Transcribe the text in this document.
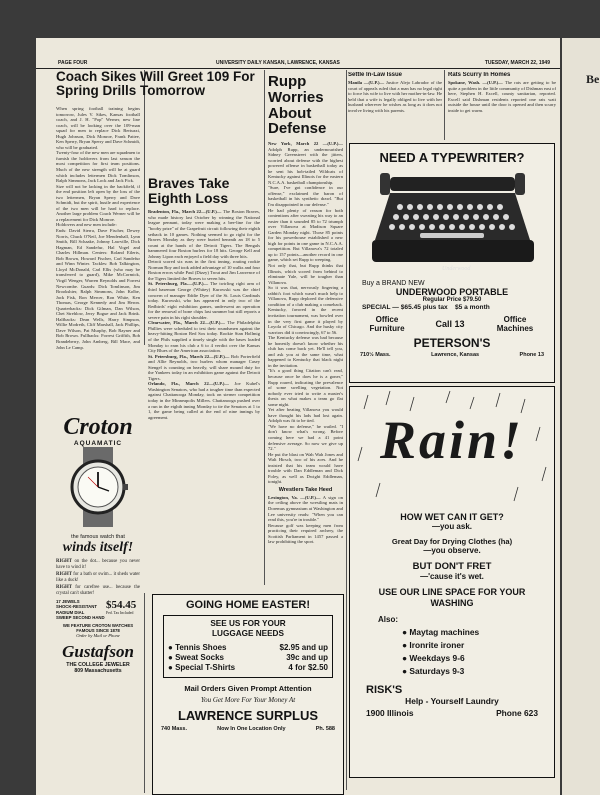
PAGE FOUR	UNIVERSITY DAILY KANSAN, LAWRENCE, KANSAS	TUESDAY, MARCH 22, 1949
Coach Sikes Will Greet 109 For Spring Drills Tomorrow

When spring football training begins tomorrow, Jules V. Sikes, Kansas football coach, and J. H. "Pop" Werner, new line coach, will be looking over the 109-man squad for men to replace Dick Bertuzzi, Hugh Johnson, Dick Monroe, Frank Pattee, Ken Sperry, Bryan Sperry and Dave Schmidt, who will be graduated.

Twenty-four of the new men are squadmen to furnish the holdovers from last season the most competition for first team positions. Much of the new strength will be at guard which includes lettermen Dick Tomlinson, Ralph Simmons, Jack Lock and Jack Fick.

Size will not be lacking in the backfield, if the end position left open by the loss of the two lettermen, Bryan Sperry and Dave Schmidt, but the spirit, hustle and experience of the two men will be hard to replace. Another large problem Coach Werner will be a replacement for Dick Monroe.

Holdovers and new men include:

Ends: David Sierra, Dave Fischer, Dewey Norris, Chuck O'Neil, Joe Mendenhall, Lynn Smith, Bill Schaake, Johnny Lawville, Dick Hagman, Ed Sandefur, Hal Vogel and Charles Hillman. Centers: Roland Eilerts, Bob Brown, Howard Fischer, Carl Sandefur and Winn Winter. Tackles: Bob Talkington, Lloyd McDonald, Carl Ellis (who may be transferred to guard), Mike McCormick, Virgil Wenger, Warren Reynolds and Forrest Newcombe. Guards: Dick Tomlinson, Jim Brookshier, Ralph Simmons, John Kolbe, Jack Fisk, Ron Mercer, Ron White, Ken Thomas, George Kennedy and Jim Heron. Quarterbacks: Dick Gilman, Dan Wilson, Chet Strehlow, Jerry Bogue and Jack Brink. Halfbacks: Dean Wells, Harry Simpson, Willie Modreth, Cliff Marshall, Jack Phillips, Dave Wilson, Pat Murphy, Bob Rayner and Bob Brown. Fullbacks: Forrest Griffith, Bob Brandeberry, John Amberg, Bill Mace, and John Le Camp.

Croton
AQUAMATIC
the famous watch that
winds itself!
RIGHT on the dot... because you never have to wind it!
RIGHT for a bath or swim... it sheds water like a duck!
RIGHT for carefree use... because the crystal can't shatter!
17 JEWELS
SHOCK-RESISTANT
RADIUM DIAL
SWEEP SECOND HAND
$54.45
Fed. Tax Included
WE FEATURE CROTON WATCHES FAMOUS SINCE 1878
Order by Mail or Phone
Gustafson
THE COLLEGE JEWELER
809 Massachusetts
Braves Take Eighth Loss

Bradenton, Fla., March 22—(U.P.)— The Boston Braves, who made history last October by winning the National league pennant, today were making a bee-line for the "booby prize" of the Grapefruit circuit following their eighth setback in 10 games. Nothing seemed to go right for the Braves Monday as they were buried beneath an 18 to 5 count at the hands of the Detroit Tigers. The Bengals hammered four Boston hurlers for 18 hits. George Kell and Johnny Lipon each enjoyed a field day with three hits.

Detroit scored six runs in the first inning, routing rookie Norman Roy and took added advantage of 10 walks and four Boston errors while Paul (Dizzy) Trout and Jim Lawrence of the Tigers limited the Braves to seven hits.

St. Petersburg, Fla.—(U.P.)— The twirling right arm of third baseman George (Whitey) Kurowski was the chief concern of manager Eddie Dyer of the St. Louis Cardinals today. Kurowski, who has appeared in only two of the Redbirds' eight exhibition games, underwent an operation for the removal of bone chips last summer but still reports a severe pain in his right shoulder.

Clearwater, Fla., March 22—(U.P.)— The Philadelphia Phillies were scheduled to test their roundsmen against the heavy-hitting Boston Red Sox today. Rookie Stan Hollmig of the Phils supplied a timely single with the bases loaded Monday to earn his club a 6 to 4 verdict over the Kansas City Blues of the American association.

St. Petersburg, Fla., March 22—(U.P.)— Bob Porterfield and Allie Reynolds, two hurlers whom manager Casey Stengel is counting on heavily, will share mound duty for the Yankees today in an exhibition game against the Detroit Tigers.

Orlando, Fla., March 22—(U.P.)— Joe Kuhel's Washington Senators, who had a tougher time than expected against Chattanooga Monday, took on sterner competition today in the Minneapolis Millers. Chattanooga pushed over a run in the eighth inning Monday to tie the Senators at 1 to 1, the game being called at the end of nine innings by agreement.

Rupp Worries About Defense

New York, March 22 —(U.P.)— Adolph Rupp, an undernourished Sidney Greenstreet with the jitters, worried about defense with the highest powered offense in basketball today as he sent his hob-tailed Wildcats of Kentucky against Illinois for the eastern N.C.A.A. basketball championship.

"Sure, I've got confidence in our offense," exclaimed the baron of basketball in his synthetic drawl. "But I'm disappointed in our defense."

He had plenty of reason for both contentions after sweating his way to an easier than it sounded 85 to 72 triumph over Villanova at Madison Square Garden Monday night. Those 85 points for his powerhouse established a new high for points in one game in N.C.A.A. competition. But Villanova's 72 totaled up to 157 points—another record in one game, which set Rupp to weeping.

Not only that, but Rupp thinks that Illinois, which scored from behind to eliminate Yale, will be tougher than Villanova.

So it was that, nervously fingering a rabbit's foot which wasn't much help to Villanova, Rupp deplored the defensive condition of a club making a comeback. Kentucky, favored in the recent invitation tournament, was bowled over in the very first game it played by Loyola of Chicago. And the husky city warriors did it convincingly, 67 to 56.

The Kentucky defense was bad because he honestly doesn't know whether his club has come back yet. He'll tell you, and ask you at the same time, what happened to Kentucky that black night in the invitation.

"It's a good thing Citation can't read, because once he does he is a goner," Rupp roared, indicating the prevalence of some swelling vegetation. Not nobody ever tried to write a master's thesis on what makes a team go flat some night.

Yet after beating Villanova you would have thought his lads had lost again. Adolph was fit to be tied.

"We have no defense," he wailed. "I don't know what's wrong. Before coming here we had a 41 point defensive average. So now we give up 72."

He put the blast on Wah Wah Jones and Walt Hirsch, two of his aces. And he insisted that his team would have trouble with Dan Eddleman and Dick Foley, as well as Dwight Eddleman, tonight.

Wrestlers Take Heed

Lexington, Va. —(U.P.)— A sign on the ceiling above the wrestling mats in Doremus gymnasium at Washington and Lee university reads: "When you can read this, you're in trouble."

Because golf was keeping men from practicing their required archery, the Scottish Parliament in 1457 passed a law prohibiting the sport.

Settle In-Law Issue

Manila —(U.P.)— Justice Alejo Labrador of the court of appeals ruled that a man has no legal right to force his wife to live with her mother-in-law. He held that a wife is legally obliged to live with her husband wherever he wishes as long as it does not involve living with his parents.

Rats Scurry In Homes

Spokane, Wash. —(U.P.)— The rats are getting to be quite a problem in the little community of Dishman east of here, Stephen H. Excell, county sanitarian, reported. Excell said Dishman residents reported one rats watt outside the house until the door is opened and then scurry inside to get warm.

NEED A TYPEWRITER?
Underwood
Buy a BRAND NEW
UNDERWOOD PORTABLE
Regular Price $79.50
SPECIAL — $65.45 plus tax $5 a month
Office Furniture	Call 13	Office Machines
PETERSON'S
710½ Mass.	Lawrence, Kansas	Phone 13
Rain!
HOW WET CAN IT GET?
—you ask.
Great Day for Drying Clothes (ha)
—you observe.
BUT DON'T FRET
—'cause it's wet.
USE OUR LINE SPACE FOR YOUR WASHING
Also:
● Maytag machines
● Ironrite ironer
● Weekdays 9-6
● Saturdays 9-3
RISK'S
Help - Yourself Laundry
1900 Illinois	Phone 623
GOING HOME EASTER!
SEE US FOR YOUR LUGGAGE NEEDS
● Tennis Shoes	$2.95 and up
● Sweat Socks	39c and up
● Special T-Shirts	4 for $2.50
Mail Orders Given Prompt Attention
You Get More For Your Money At
LAWRENCE SURPLUS
740 Mass.	Now In One Location Only	Ph. 588
Be
